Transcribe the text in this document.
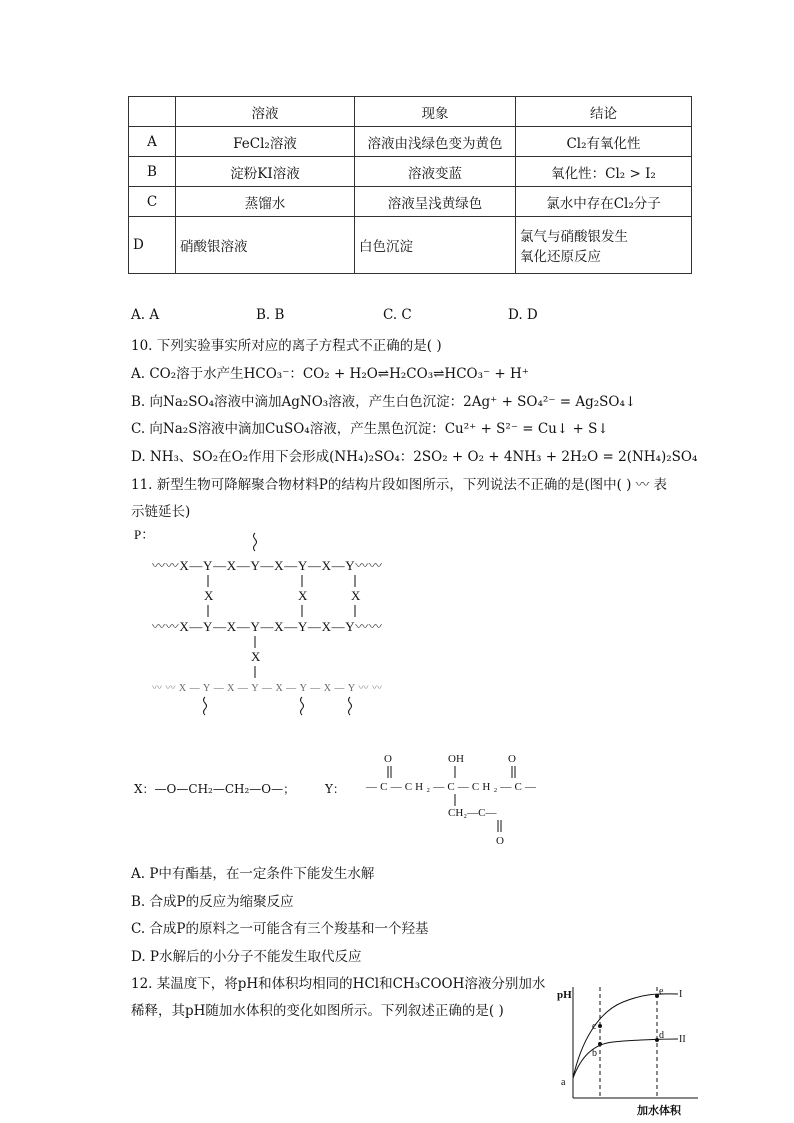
	溶液	现象	结论
A	FeCl₂溶液	溶液由浅绿色变为黄色	Cl₂有氧化性
B	淀粉KI溶液	溶液变蓝	氧化性：Cl₂ > I₂
C	蒸馏水	溶液呈浅黄绿色	氯水中存在Cl₂分子
D	硝酸银溶液	白色沉淀	氯气与硝酸银发生
氧化还原反应
A. A	B. B	C. C	D. D
10. 下列实验事实所对应的离子方程式不正确的是( )
A. CO₂溶于水产生HCO₃⁻：CO₂ + H₂O⇌H₂CO₃⇌HCO₃⁻ + H⁺
B. 向Na₂SO₄溶液中滴加AgNO₃溶液，产生白色沉淀：2Ag⁺ + SO₄²⁻ = Ag₂SO₄↓
C. 向Na₂S溶液中滴加CuSO₄溶液，产生黑色沉淀：Cu²⁺ + S²⁻ = Cu↓ + S↓
D. NH₃、SO₂在O₂作用下会形成(NH₄)₂SO₄：2SO₂ + O₂ + 4NH₃ + 2H₂O = 2(NH₄)₂SO₄
11. 新型生物可降解聚合物材料P的结构片段如图所示，下列说法不正确的是(图中( ) 〰 表
示链延长)
P：
〰〰X—Y—X—Y—X—Y—X—Y〰〰
X	X	X
〰〰X—Y—X—Y—X—Y—X—Y〰〰
X
〰〰X—Y—X—Y—X—Y—X—Y〰〰
X：—O—CH₂—CH₂—O—； Y：
O	OH	O
—C—CH₂—C—CH₂—C—
CH₂—C—
O
A. P中有酯基，在一定条件下能发生水解
B. 合成P的反应为缩聚反应
C. 合成P的原料之一可能含有三个羧基和一个羟基
D. P水解后的小分子不能发生取代反应
12. 某温度下，将pH和体积均相同的HCl和CH₃COOH溶液分别加水
稀释，其pH随加水体积的变化如图所示。下列叙述正确的是( )
pH
a
b
c
d
e I
II
加水体积
